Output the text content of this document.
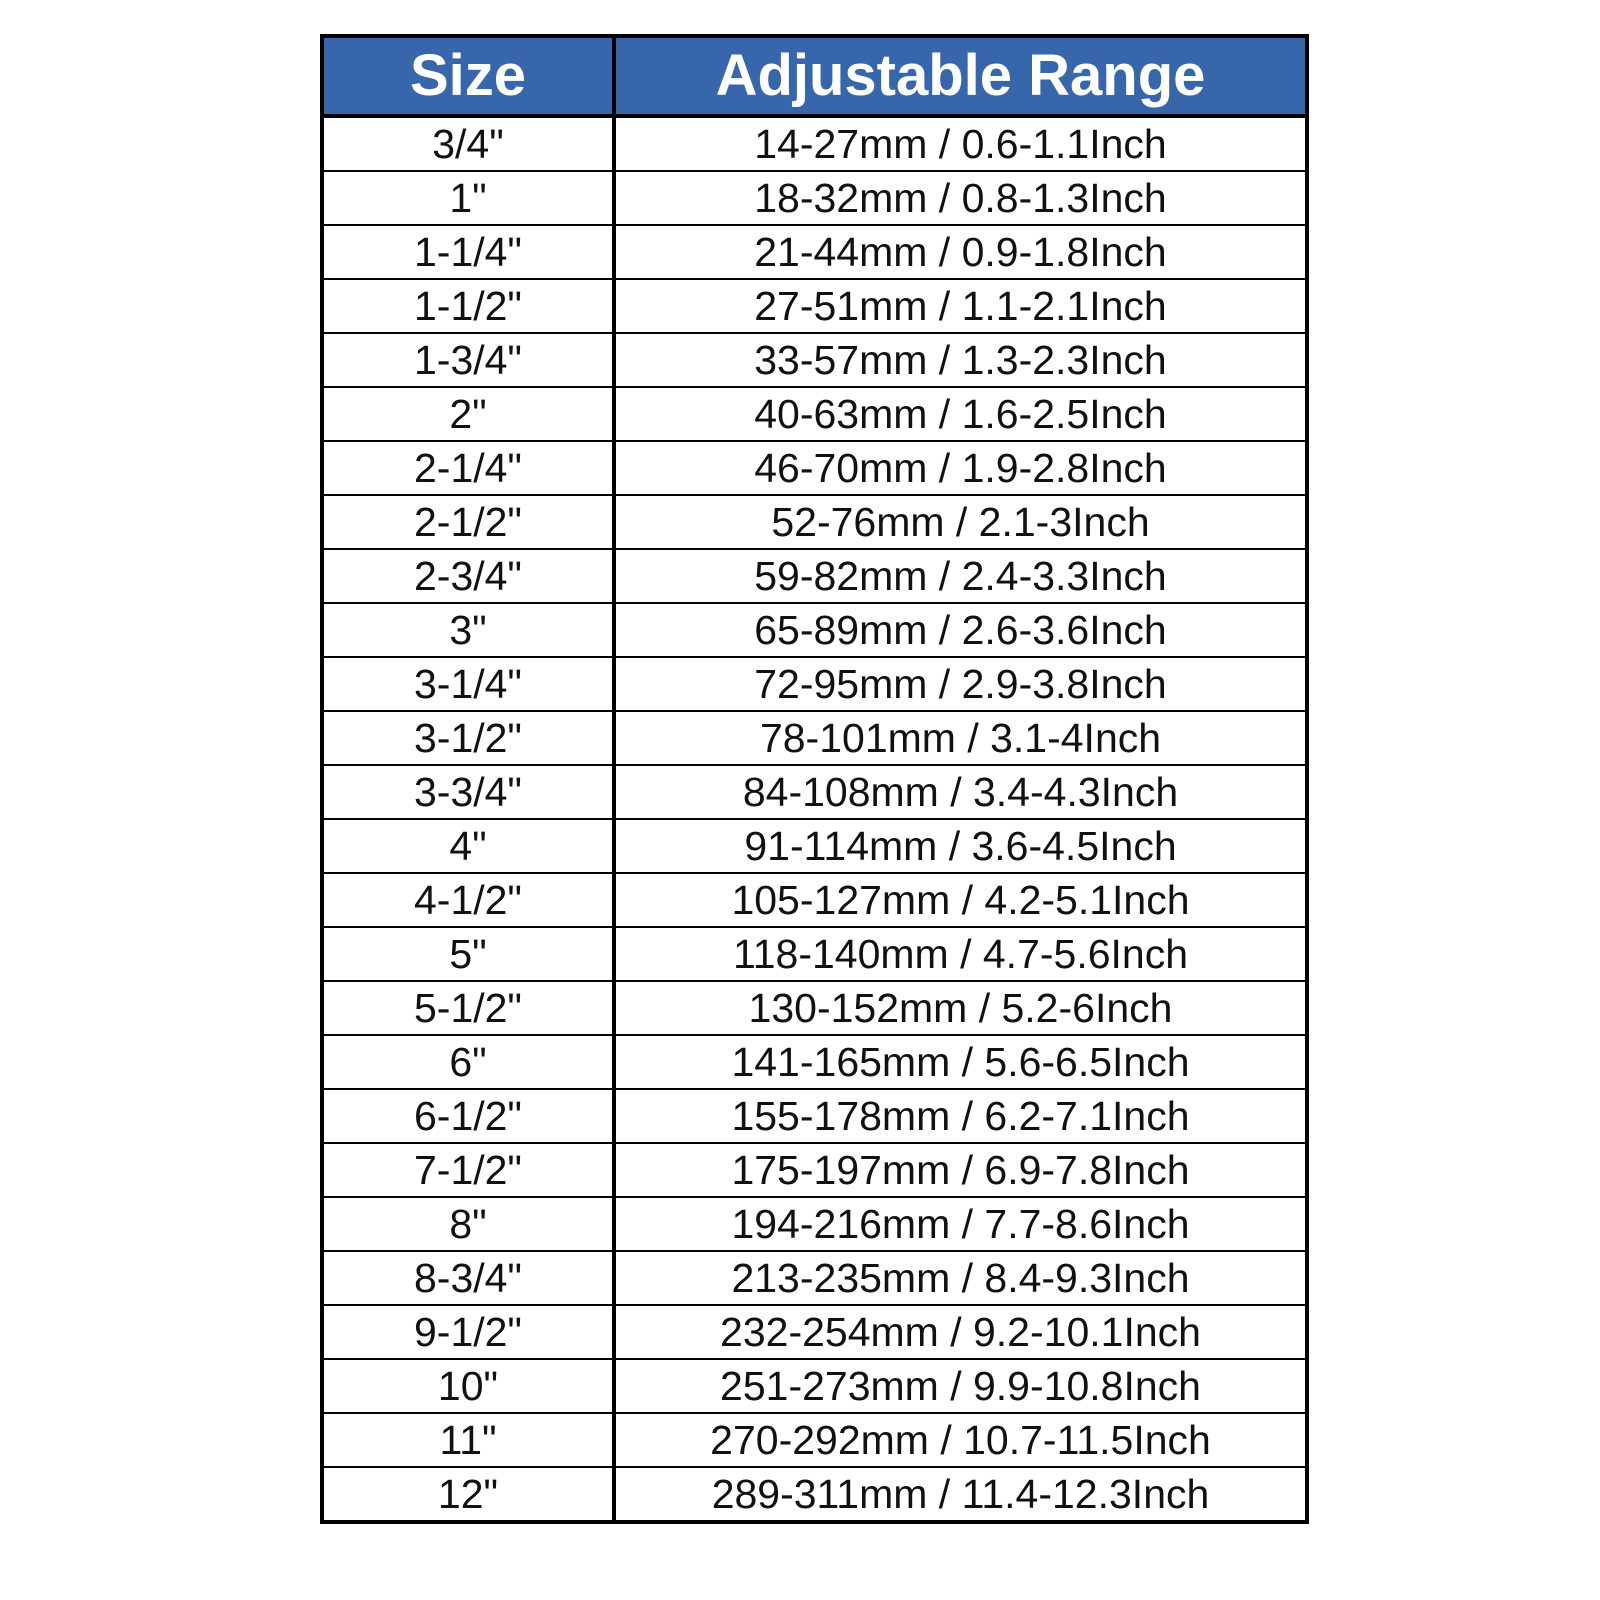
Size	Adjustable Range
3/4"	14-27mm / 0.6-1.1Inch
1"	18-32mm / 0.8-1.3Inch
1-1/4"	21-44mm / 0.9-1.8Inch
1-1/2"	27-51mm / 1.1-2.1Inch
1-3/4"	33-57mm / 1.3-2.3Inch
2"	40-63mm / 1.6-2.5Inch
2-1/4"	46-70mm / 1.9-2.8Inch
2-1/2"	52-76mm / 2.1-3Inch
2-3/4"	59-82mm / 2.4-3.3Inch
3"	65-89mm / 2.6-3.6Inch
3-1/4"	72-95mm / 2.9-3.8Inch
3-1/2"	78-101mm / 3.1-4Inch
3-3/4"	84-108mm / 3.4-4.3Inch
4"	91-114mm / 3.6-4.5Inch
4-1/2"	105-127mm / 4.2-5.1Inch
5"	118-140mm / 4.7-5.6Inch
5-1/2"	130-152mm / 5.2-6Inch
6"	141-165mm / 5.6-6.5Inch
6-1/2"	155-178mm / 6.2-7.1Inch
7-1/2"	175-197mm / 6.9-7.8Inch
8"	194-216mm / 7.7-8.6Inch
8-3/4"	213-235mm / 8.4-9.3Inch
9-1/2"	232-254mm / 9.2-10.1Inch
10"	251-273mm / 9.9-10.8Inch
11"	270-292mm / 10.7-11.5Inch
12"	289-311mm / 11.4-12.3Inch
